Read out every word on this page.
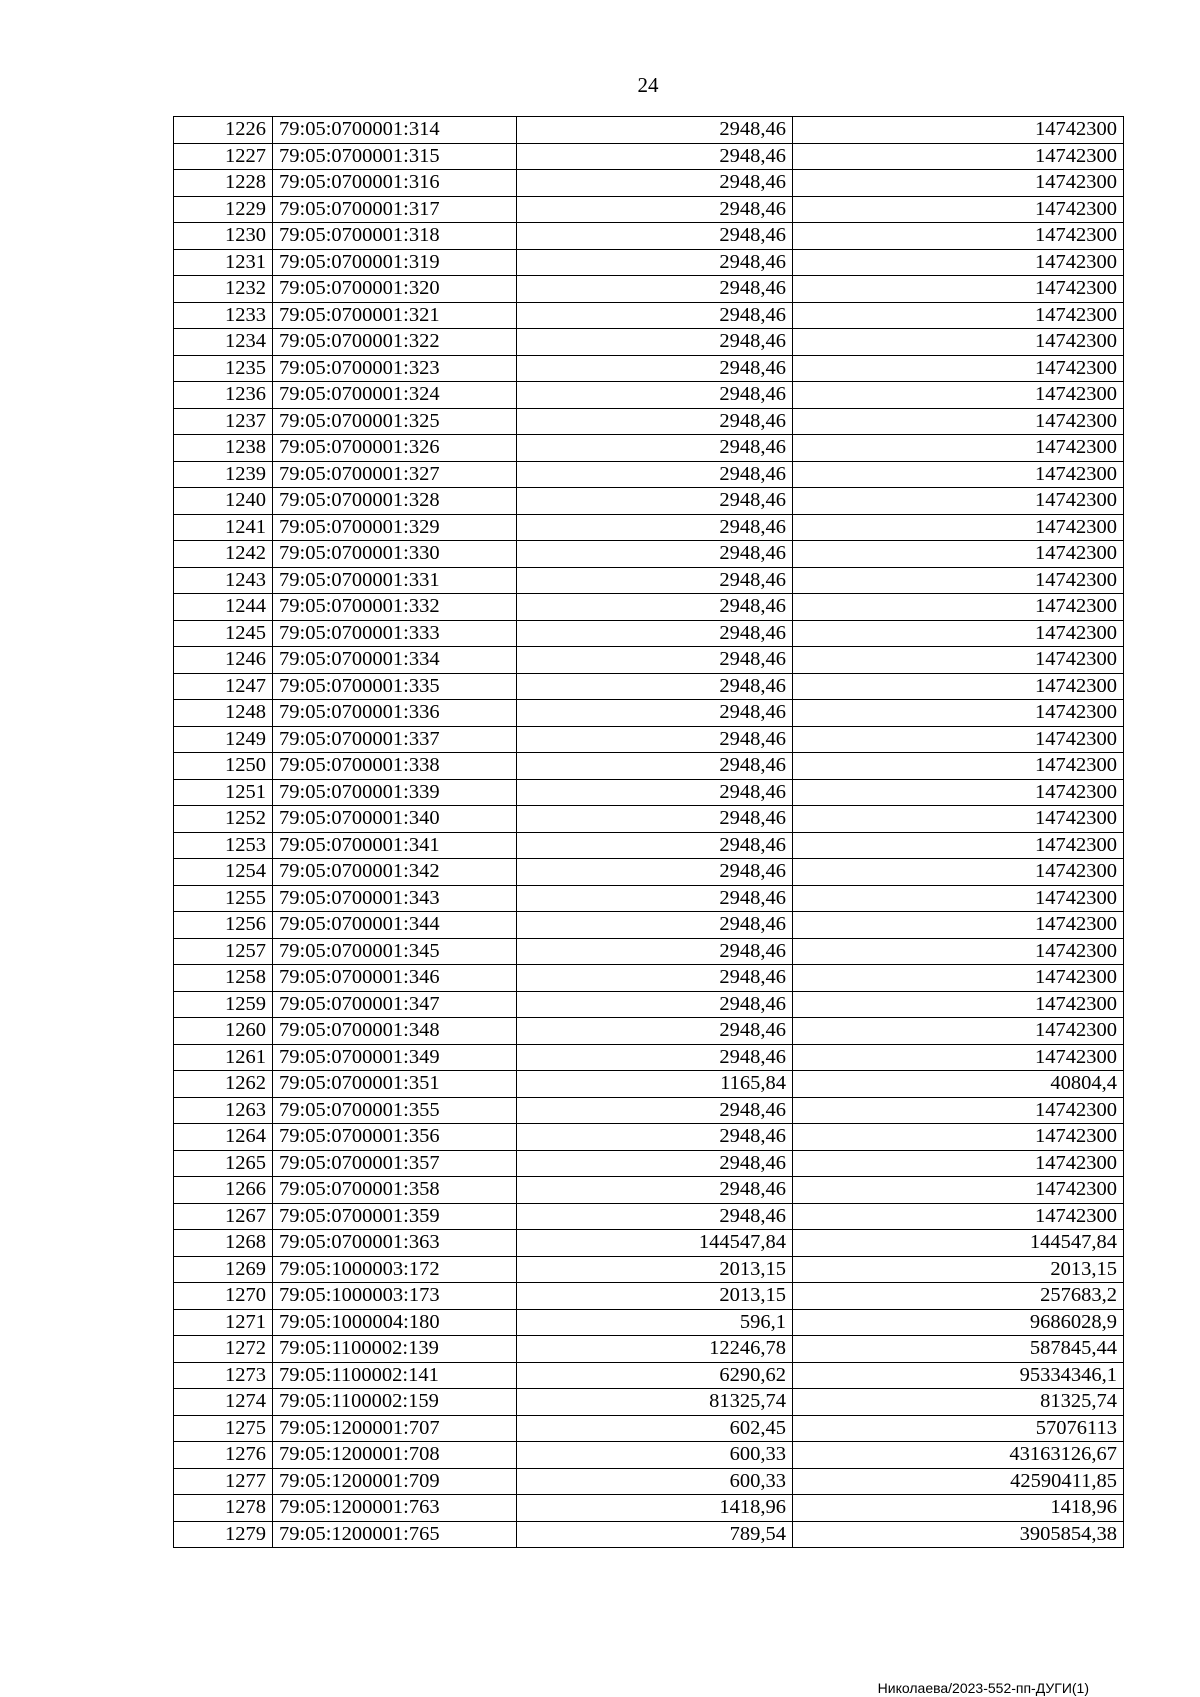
24
1226	79:05:0700001:314	2948,46	14742300
1227	79:05:0700001:315	2948,46	14742300
1228	79:05:0700001:316	2948,46	14742300
1229	79:05:0700001:317	2948,46	14742300
1230	79:05:0700001:318	2948,46	14742300
1231	79:05:0700001:319	2948,46	14742300
1232	79:05:0700001:320	2948,46	14742300
1233	79:05:0700001:321	2948,46	14742300
1234	79:05:0700001:322	2948,46	14742300
1235	79:05:0700001:323	2948,46	14742300
1236	79:05:0700001:324	2948,46	14742300
1237	79:05:0700001:325	2948,46	14742300
1238	79:05:0700001:326	2948,46	14742300
1239	79:05:0700001:327	2948,46	14742300
1240	79:05:0700001:328	2948,46	14742300
1241	79:05:0700001:329	2948,46	14742300
1242	79:05:0700001:330	2948,46	14742300
1243	79:05:0700001:331	2948,46	14742300
1244	79:05:0700001:332	2948,46	14742300
1245	79:05:0700001:333	2948,46	14742300
1246	79:05:0700001:334	2948,46	14742300
1247	79:05:0700001:335	2948,46	14742300
1248	79:05:0700001:336	2948,46	14742300
1249	79:05:0700001:337	2948,46	14742300
1250	79:05:0700001:338	2948,46	14742300
1251	79:05:0700001:339	2948,46	14742300
1252	79:05:0700001:340	2948,46	14742300
1253	79:05:0700001:341	2948,46	14742300
1254	79:05:0700001:342	2948,46	14742300
1255	79:05:0700001:343	2948,46	14742300
1256	79:05:0700001:344	2948,46	14742300
1257	79:05:0700001:345	2948,46	14742300
1258	79:05:0700001:346	2948,46	14742300
1259	79:05:0700001:347	2948,46	14742300
1260	79:05:0700001:348	2948,46	14742300
1261	79:05:0700001:349	2948,46	14742300
1262	79:05:0700001:351	1165,84	40804,4
1263	79:05:0700001:355	2948,46	14742300
1264	79:05:0700001:356	2948,46	14742300
1265	79:05:0700001:357	2948,46	14742300
1266	79:05:0700001:358	2948,46	14742300
1267	79:05:0700001:359	2948,46	14742300
1268	79:05:0700001:363	144547,84	144547,84
1269	79:05:1000003:172	2013,15	2013,15
1270	79:05:1000003:173	2013,15	257683,2
1271	79:05:1000004:180	596,1	9686028,9
1272	79:05:1100002:139	12246,78	587845,44
1273	79:05:1100002:141	6290,62	95334346,1
1274	79:05:1100002:159	81325,74	81325,74
1275	79:05:1200001:707	602,45	57076113
1276	79:05:1200001:708	600,33	43163126,67
1277	79:05:1200001:709	600,33	42590411,85
1278	79:05:1200001:763	1418,96	1418,96
1279	79:05:1200001:765	789,54	3905854,38
Николаева/2023-552-пп-ДУГИ(1)
